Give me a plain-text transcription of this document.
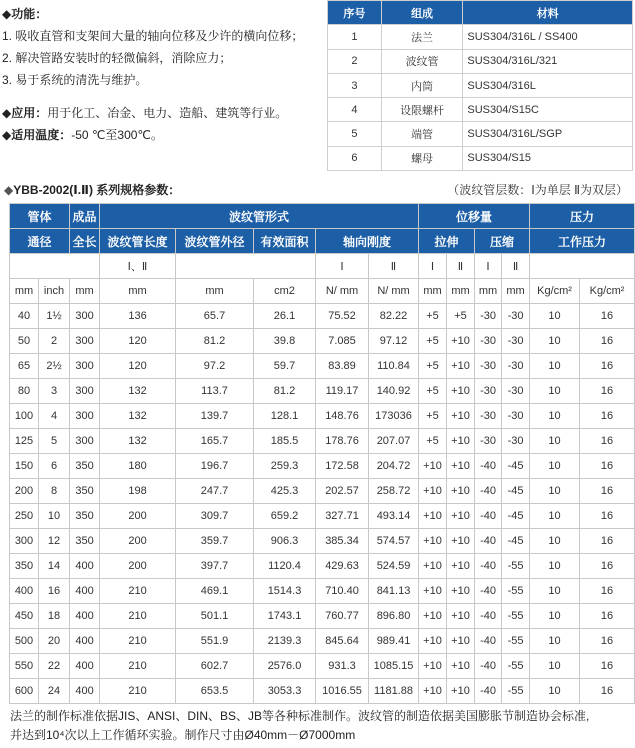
◆功能：
1. 吸收直管和支架间大量的轴向位移及少许的横向位移；
2. 解决管路安装时的轻微偏斜，消除应力；
3. 易于系统的清洗与维护。
◆应用：用于化工、冶金、电力、造船、建筑等行业。
◆适用温度：-50 ℃至300℃。
序号	组成	材料
1	法兰	SUS304/316L / SS400
2	波纹管	SUS304/316L/321
3	内筒	SUS304/316L
4	设限螺杆	SUS304/S15C
5	端管	SUS304/316L/SGP
6	螺母	SUS304/S15
◆YBB-2002(Ⅰ.Ⅱ) 系列规格参数：	（波纹管层数：Ⅰ为单层 Ⅱ为双层）
管体		成品	波纹管形式					位移量				压力	
通径		全长	波纹管长度	波纹管外径	有效面积	轴向刚度		拉伸		压缩		工作压力	
			Ⅰ、Ⅱ			Ⅰ	Ⅱ	Ⅰ	Ⅱ	Ⅰ	Ⅱ		
mm	inch	mm	mm	mm	cm2	N/ mm	N/ mm	mm	mm	mm	mm	Kg/cm²	Kg/cm²
40	1½	300	136	65.7	26.1	75.52	82.22	+5	+5	-30	-30	10	16
50	2	300	120	81.2	39.8	7.085	97.12	+5	+10	-30	-30	10	16
65	2½	300	120	97.2	59.7	83.89	110.84	+5	+10	-30	-30	10	16
80	3	300	132	113.7	81.2	119.17	140.92	+5	+10	-30	-30	10	16
100	4	300	132	139.7	128.1	148.76	173036	+5	+10	-30	-30	10	16
125	5	300	132	165.7	185.5	178.76	207.07	+5	+10	-30	-30	10	16
150	6	350	180	196.7	259.3	172.58	204.72	+10	+10	-40	-45	10	16
200	8	350	198	247.7	425.3	202.57	258.72	+10	+10	-40	-45	10	16
250	10	350	200	309.7	659.2	327.71	493.14	+10	+10	-40	-45	10	16
300	12	350	200	359.7	906.3	385.34	574.57	+10	+10	-40	-45	10	16
350	14	400	200	397.7	1120.4	429.63	524.59	+10	+10	-40	-55	10	16
400	16	400	210	469.1	1514.3	710.40	841.13	+10	+10	-40	-55	10	16
450	18	400	210	501.1	1743.1	760.77	896.80	+10	+10	-40	-55	10	16
500	20	400	210	551.9	2139.3	845.64	989.41	+10	+10	-40	-55	10	16
550	22	400	210	602.7	2576.0	931.3	1085.15	+10	+10	-40	-55	10	16
600	24	400	210	653.5	3053.3	1016.55	1181.88	+10	+10	-40	-55	10	16
法兰的制作标准依据JIS、ANSI、DIN、BS、JB等各种标准制作。波纹管的制造依据美国膨胀节制造协会标准,
并达到10⁴次以上工作循环实验。制作尺寸由Ø40mm－Ø7000mm
